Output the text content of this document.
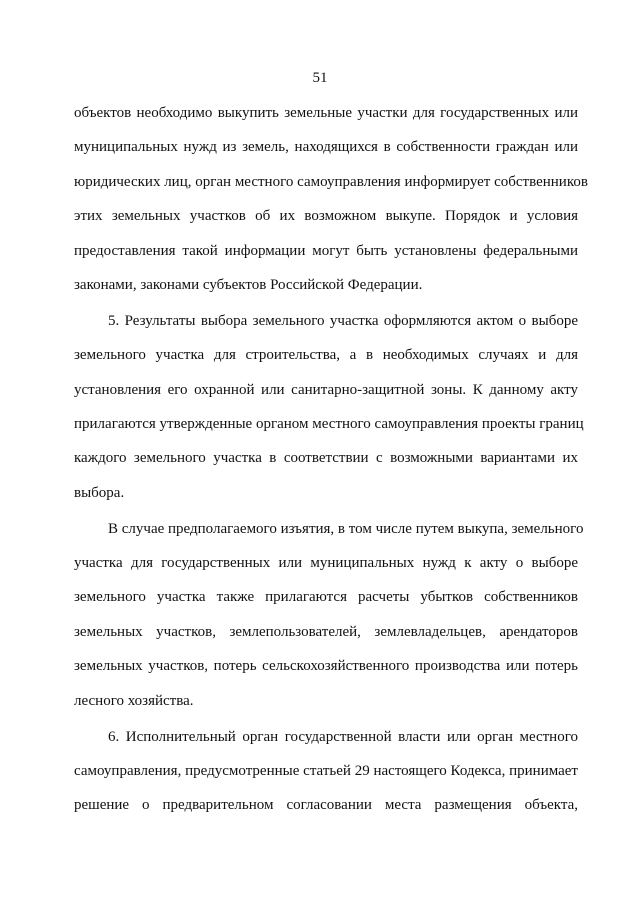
51
объектов необходимо выкупить земельные участки для государственных или
муниципальных нужд из земель, находящихся в собственности граждан или
юридических лиц, орган местного самоуправления информирует собственников
этих земельных участков об их возможном выкупе. Порядок и условия
предоставления такой информации могут быть установлены федеральными
законами, законами субъектов Российской Федерации.
5. Результаты выбора земельного участка оформляются актом о выборе
земельного участка для строительства, а в необходимых случаях и для
установления его охранной или санитарно-защитной зоны. К данному акту
прилагаются утвержденные органом местного самоуправления проекты границ
каждого земельного участка в соответствии с возможными вариантами их
выбора.
В случае предполагаемого изъятия, в том числе путем выкупа, земельного
участка для государственных или муниципальных нужд к акту о выборе
земельного участка также прилагаются расчеты убытков собственников
земельных участков, землепользователей, землевладельцев, арендаторов
земельных участков, потерь сельскохозяйственного производства или потерь
лесного хозяйства.
6. Исполнительный орган государственной власти или орган местного
самоуправления, предусмотренные статьей 29 настоящего Кодекса, принимает
решение о предварительном согласовании места размещения объекта,
